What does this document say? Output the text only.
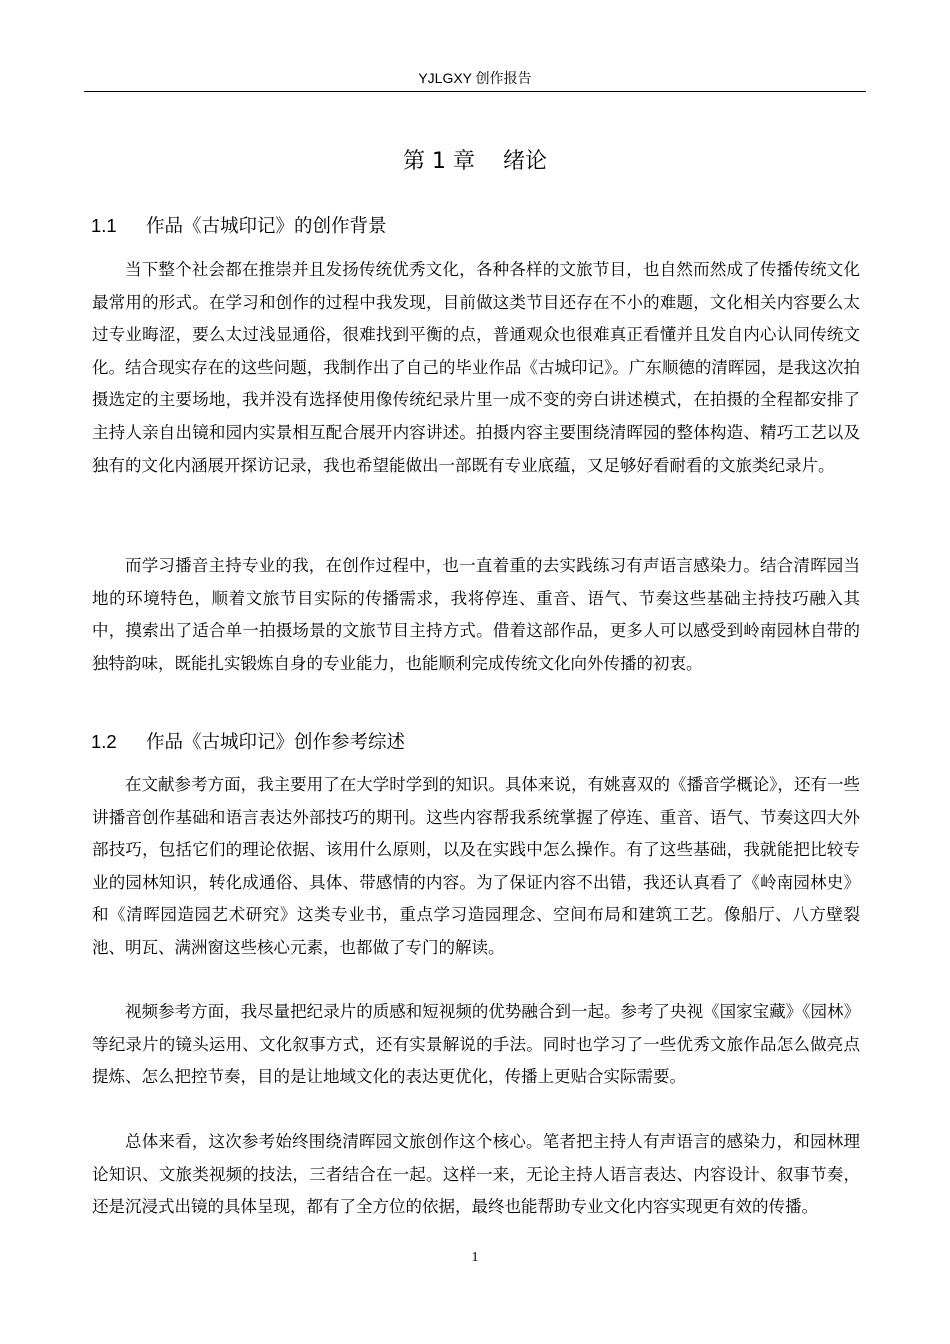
YJLGXY 创作报告
第 1 章    绪论
1.1 作品《古城印记》的创作背景

当下整个社会都在推崇并且发扬传统优秀文化，各种各样的文旅节目，也自然而然成了传播传统文化最常用的形式。在学习和创作的过程中我发现，目前做这类节目还存在不小的难题，文化相关内容要么太过专业晦涩，要么太过浅显通俗，很难找到平衡的点，普通观众也很难真正看懂并且发自内心认同传统文化。结合现实存在的这些问题，我制作出了自己的毕业作品《古城印记》。广东顺德的清晖园，是我这次拍摄选定的主要场地，我并没有选择使用像传统纪录片里一成不变的旁白讲述模式，在拍摄的全程都安排了主持人亲自出镜和园内实景相互配合展开内容讲述。拍摄内容主要围绕清晖园的整体构造、精巧工艺以及独有的文化内涵展开探访记录，我也希望能做出一部既有专业底蕴，又足够好看耐看的文旅类纪录片。

而学习播音主持专业的我，在创作过程中，也一直着重的去实践练习有声语言感染力。结合清晖园当地的环境特色，顺着文旅节目实际的传播需求，我将停连、重音、语气、节奏这些基础主持技巧融入其中，摸索出了适合单一拍摄场景的文旅节目主持方式。借着这部作品，更多人可以感受到岭南园林自带的独特韵味，既能扎实锻炼自身的专业能力，也能顺利完成传统文化向外传播的初衷。

1.2 作品《古城印记》创作参考综述

在文献参考方面，我主要用了在大学时学到的知识。具体来说，有姚喜双的《播音学概论》，还有一些讲播音创作基础和语言表达外部技巧的期刊。这些内容帮我系统掌握了停连、重音、语气、节奏这四大外部技巧，包括它们的理论依据、该用什么原则，以及在实践中怎么操作。有了这些基础，我就能把比较专业的园林知识，转化成通俗、具体、带感情的内容。为了保证内容不出错，我还认真看了《岭南园林史》和《清晖园造园艺术研究》这类专业书，重点学习造园理念、空间布局和建筑工艺。像船厅、八方壁裂池、明瓦、满洲窗这些核心元素，也都做了专门的解读。

视频参考方面，我尽量把纪录片的质感和短视频的优势融合到一起。参考了央视《国家宝藏》《园林》等纪录片的镜头运用、文化叙事方式，还有实景解说的手法。同时也学习了一些优秀文旅作品怎么做亮点提炼、怎么把控节奏，目的是让地域文化的表达更优化，传播上更贴合实际需要。

总体来看，这次参考始终围绕清晖园文旅创作这个核心。笔者把主持人有声语言的感染力，和园林理论知识、文旅类视频的技法，三者结合在一起。这样一来，无论主持人语言表达、内容设计、叙事节奏，还是沉浸式出镜的具体呈现，都有了全方位的依据，最终也能帮助专业文化内容实现更有效的传播。

1
